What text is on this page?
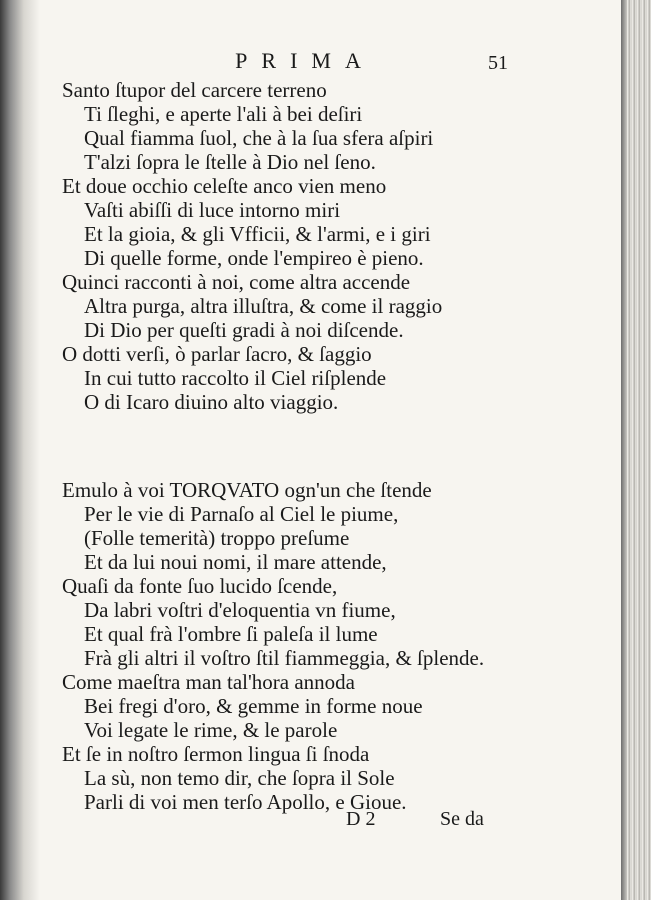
PRIMA	51
Santo ſtupor del carcere terreno
Ti ſleghi, e aperte l'ali à bei deſiri
Qual fiamma ſuol, che à la ſua sfera aſpiri
T'alzi ſopra le ſtelle à Dio nel ſeno.
Et doue occhio celeſte anco vien meno
Vaſti abiſſi di luce intorno miri
Et la gioia, & gli Vfficii, & l'armi, e i giri
Di quelle forme, onde l'empireo è pieno.
Quinci racconti à noi, come altra accende
Altra purga, altra illuſtra, & come il raggio
Di Dio per queſti gradi à noi diſcende.
O dotti verſi, ò parlar ſacro, & ſaggio
In cui tutto raccolto il Ciel riſplende
O di Icaro diuino alto viaggio.
Emulo à voi TORQVATO ogn'un che ſtende
Per le vie di Parnaſo al Ciel le piume,
(Folle temerità) troppo preſume
Et da lui noui nomi, il mare attende,
Quaſi da fonte ſuo lucido ſcende,
Da labri voſtri d'eloquentia vn fiume,
Et qual frà l'ombre ſi paleſa il lume
Frà gli altri il voſtro ſtil fiammeggia, & ſplende.
Come maeſtra man tal'hora annoda
Bei fregi d'oro, & gemme in forme noue
Voi legate le rime, & le parole
Et ſe in noſtro ſermon lingua ſi ſnoda
La sù, non temo dir, che ſopra il Sole
Parli di voi men terſo Apollo, e Gioue.
D 2	Se da
